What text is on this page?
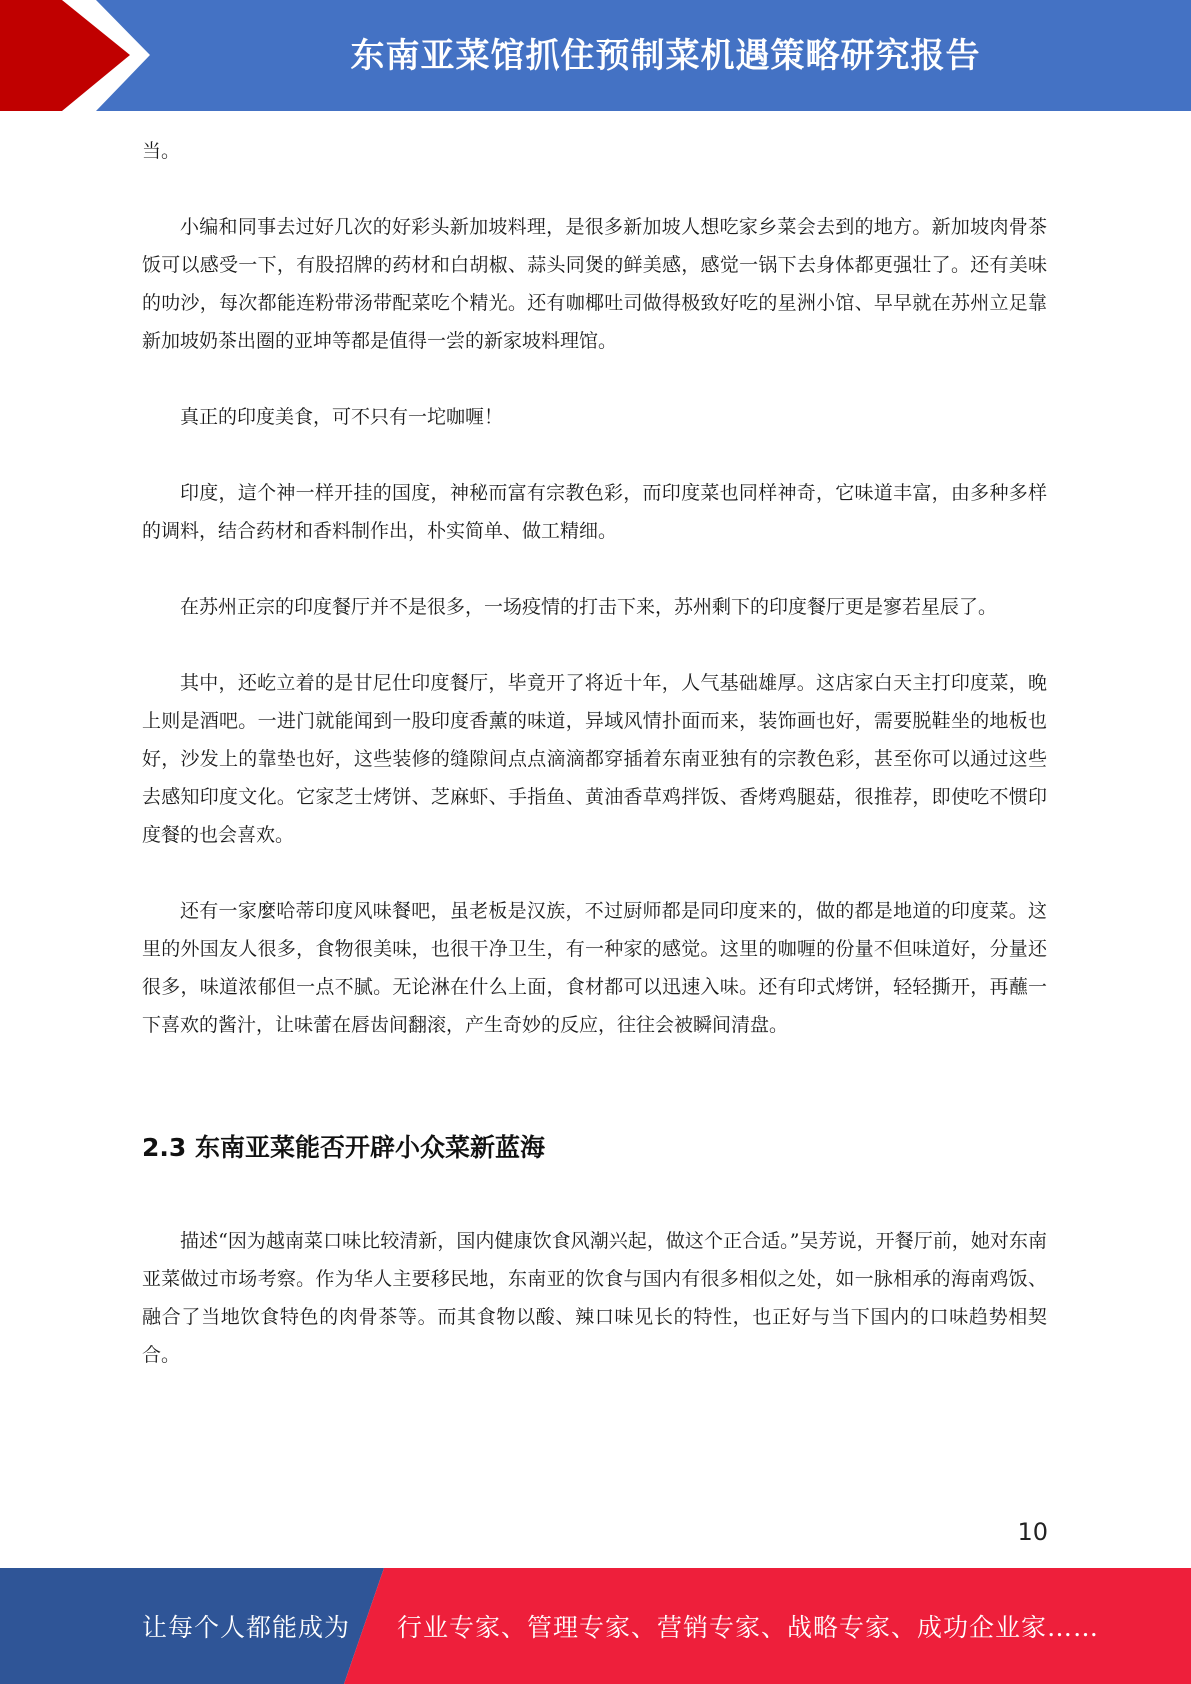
东南亚菜馆抓住预制菜机遇策略研究报告

当。

小编和同事去过好几次的好彩头新加坡料理，是很多新加坡人想吃家乡菜会去到的地方。新加坡肉骨茶饭可以感受一下，有股招牌的药材和白胡椒、蒜头同煲的鲜美感，感觉一锅下去身体都更强壮了。还有美味的叻沙，每次都能连粉带汤带配菜吃个精光。还有咖椰吐司做得极致好吃的星洲小馆、早早就在苏州立足靠新加坡奶茶出圈的亚坤等都是值得一尝的新家坡料理馆。

真正的印度美食，可不只有一坨咖喱！

印度，這个神一样开挂的国度，神秘而富有宗教色彩，而印度菜也同样神奇，它味道丰富，由多种多样的调料，结合药材和香料制作出，朴实简单、做工精细。

在苏州正宗的印度餐厅并不是很多，一场疫情的打击下来，苏州剩下的印度餐厅更是寥若星辰了。

其中，还屹立着的是甘尼仕印度餐厅，毕竟开了将近十年，人气基础雄厚。这店家白天主打印度菜，晚上则是酒吧。一进门就能闻到一股印度香薰的味道，异域风情扑面而来，装饰画也好，需要脱鞋坐的地板也好，沙发上的靠垫也好，这些装修的缝隙间点点滴滴都穿插着东南亚独有的宗教色彩，甚至你可以通过这些去感知印度文化。它家芝士烤饼、芝麻虾、手指鱼、黄油香草鸡拌饭、香烤鸡腿菇，很推荐，即使吃不惯印度餐的也会喜欢。

还有一家麼哈蒂印度风味餐吧，虽老板是汉族，不过厨师都是同印度来的，做的都是地道的印度菜。这里的外国友人很多，食物很美味，也很干净卫生，有一种家的感觉。这里的咖喱的份量不但味道好，分量还很多，味道浓郁但一点不腻。无论淋在什么上面，食材都可以迅速入味。还有印式烤饼，轻轻撕开，再蘸一下喜欢的酱汁，让味蕾在唇齿间翻滚，产生奇妙的反应，往往会被瞬间清盘。

2.3 东南亚菜能否开辟小众菜新蓝海

描述“因为越南菜口味比较清新，国内健康饮食风潮兴起，做这个正合适。”吴芳说，开餐厅前，她对东南亚菜做过市场考察。作为华人主要移民地，东南亚的饮食与国内有很多相似之处，如一脉相承的海南鸡饭、融合了当地饮食特色的肉骨茶等。而其食物以酸、辣口味见长的特性，也正好与当下国内的口味趋势相契合。

10
让每个人都能成为 行业专家、管理专家、营销专家、战略专家、成功企业家……
